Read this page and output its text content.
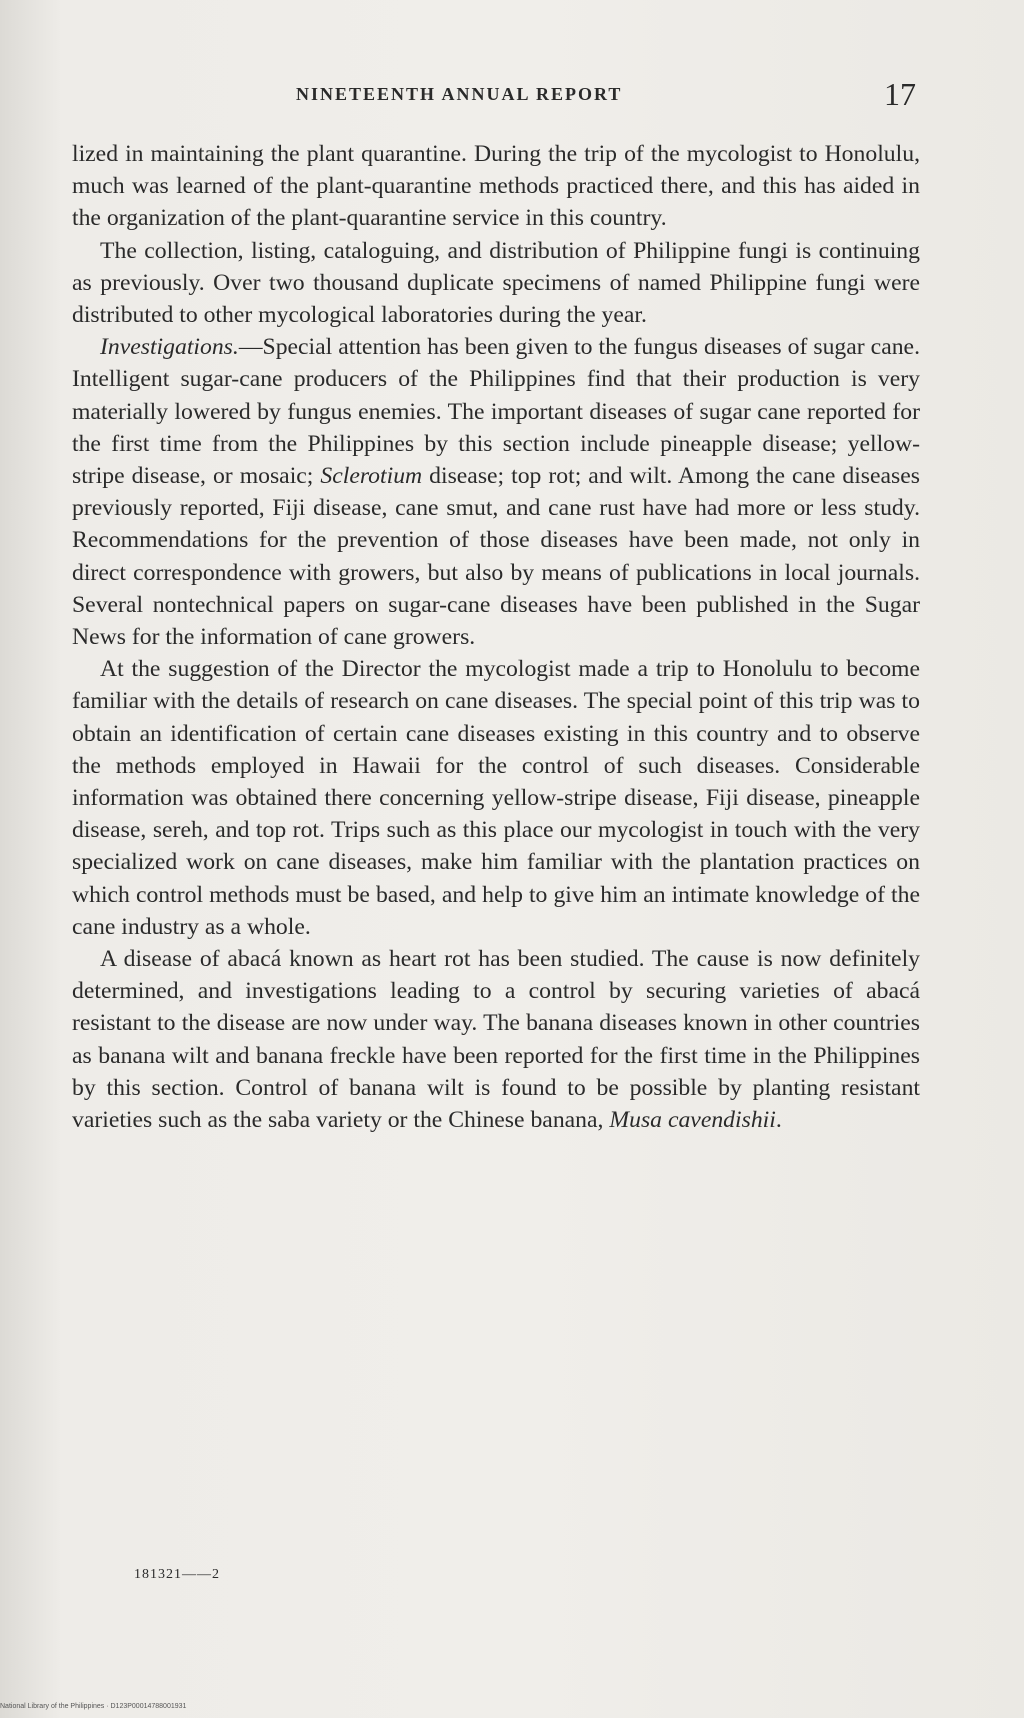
NINETEENTH ANNUAL REPORT	17

lized in maintaining the plant quarantine. During the trip of the mycologist to Honolulu, much was learned of the plant-quarantine methods practiced there, and this has aided in the organization of the plant-quarantine service in this country.

The collection, listing, cataloguing, and distribution of Philippine fungi is continuing as previously. Over two thousand duplicate specimens of named Philippine fungi were distributed to other mycological laboratories during the year.

Investigations.—Special attention has been given to the fungus diseases of sugar cane. Intelligent sugar-cane producers of the Philippines find that their production is very materially lowered by fungus enemies. The important diseases of sugar cane reported for the first time from the Philippines by this section include pineapple disease; yellow-stripe disease, or mosaic; Sclerotium disease; top rot; and wilt. Among the cane diseases previously reported, Fiji disease, cane smut, and cane rust have had more or less study. Recommendations for the prevention of those diseases have been made, not only in direct correspondence with growers, but also by means of publications in local journals. Several nontechnical papers on sugar-cane diseases have been published in the Sugar News for the information of cane growers.

At the suggestion of the Director the mycologist made a trip to Honolulu to become familiar with the details of research on cane diseases. The special point of this trip was to obtain an identification of certain cane diseases existing in this country and to observe the methods employed in Hawaii for the control of such diseases. Considerable information was obtained there concerning yellow-stripe disease, Fiji disease, pineapple disease, sereh, and top rot. Trips such as this place our mycologist in touch with the very specialized work on cane diseases, make him familiar with the plantation practices on which control methods must be based, and help to give him an intimate knowledge of the cane industry as a whole.

A disease of abacá known as heart rot has been studied. The cause is now definitely determined, and investigations leading to a control by securing varieties of abacá resistant to the disease are now under way. The banana diseases known in other countries as banana wilt and banana freckle have been reported for the first time in the Philippines by this section. Control of banana wilt is found to be possible by planting resistant varieties such as the saba variety or the Chinese banana, Musa cavendishii.

181321——2
National Library of the Philippines · D123P00014788001931
